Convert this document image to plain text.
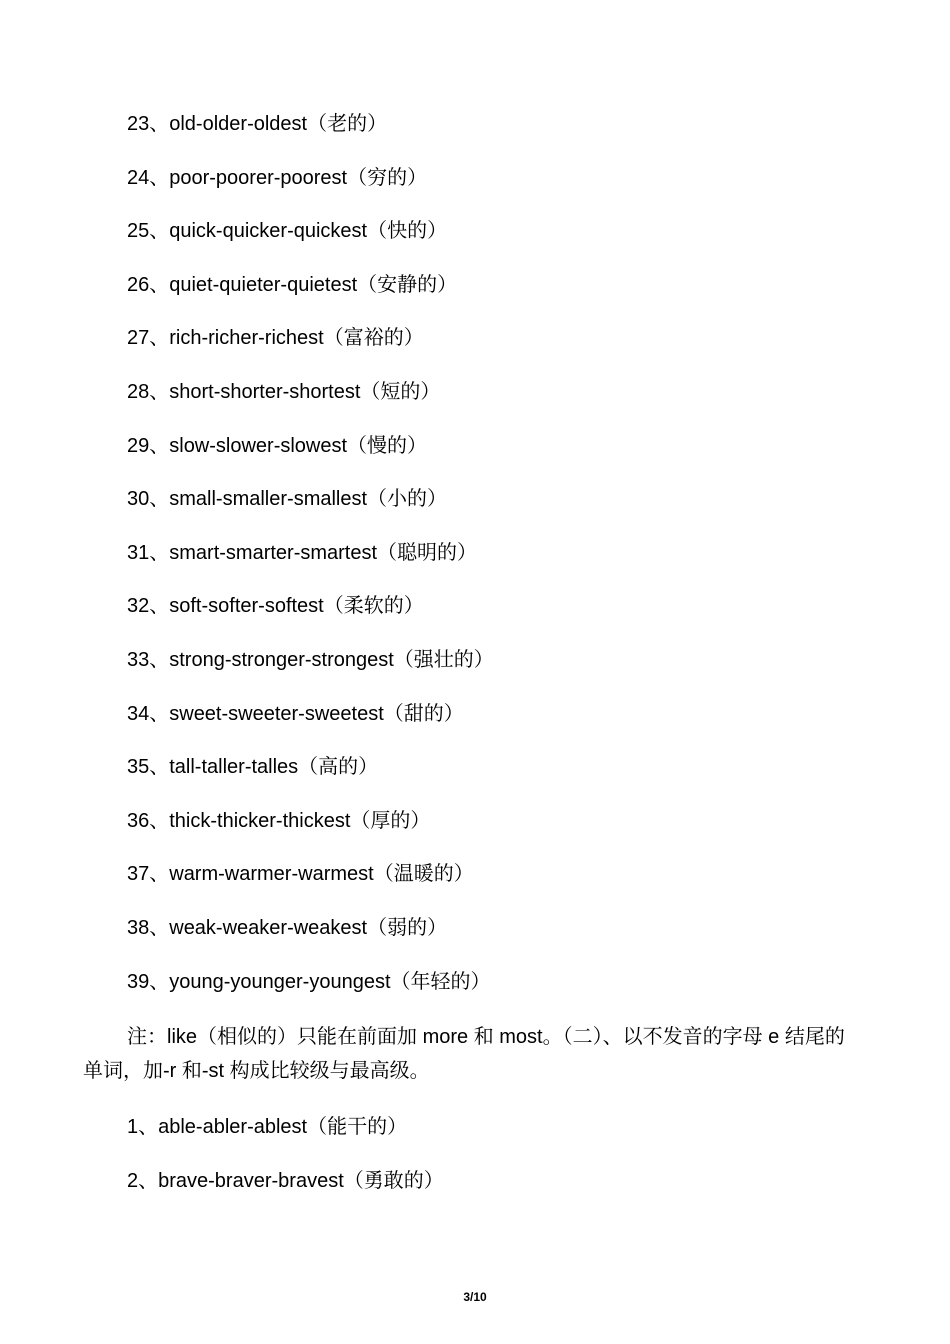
23、old-older-oldest（老的）
24、poor-poorer-poorest（穷的）
25、quick-quicker-quickest（快的）
26、quiet-quieter-quietest（安静的）
27、rich-richer-richest（富裕的）
28、short-shorter-shortest（短的）
29、slow-slower-slowest（慢的）
30、small-smaller-smallest（小的）
31、smart-smarter-smartest（聪明的）
32、soft-softer-softest（柔软的）
33、strong-stronger-strongest（强壮的）
34、sweet-sweeter-sweetest（甜的）
35、tall-taller-talles（高的）
36、thick-thicker-thickest（厚的）
37、warm-warmer-warmest（温暖的）
38、weak-weaker-weakest（弱的）
39、young-younger-youngest（年轻的）

注：like（相似的）只能在前面加 more 和 most。（二）、以不发音的字母 e 结尾的单词，加-r 和-st 构成比较级与最高级。

1、able-abler-ablest（能干的）
2、brave-braver-bravest（勇敢的）
3/10
